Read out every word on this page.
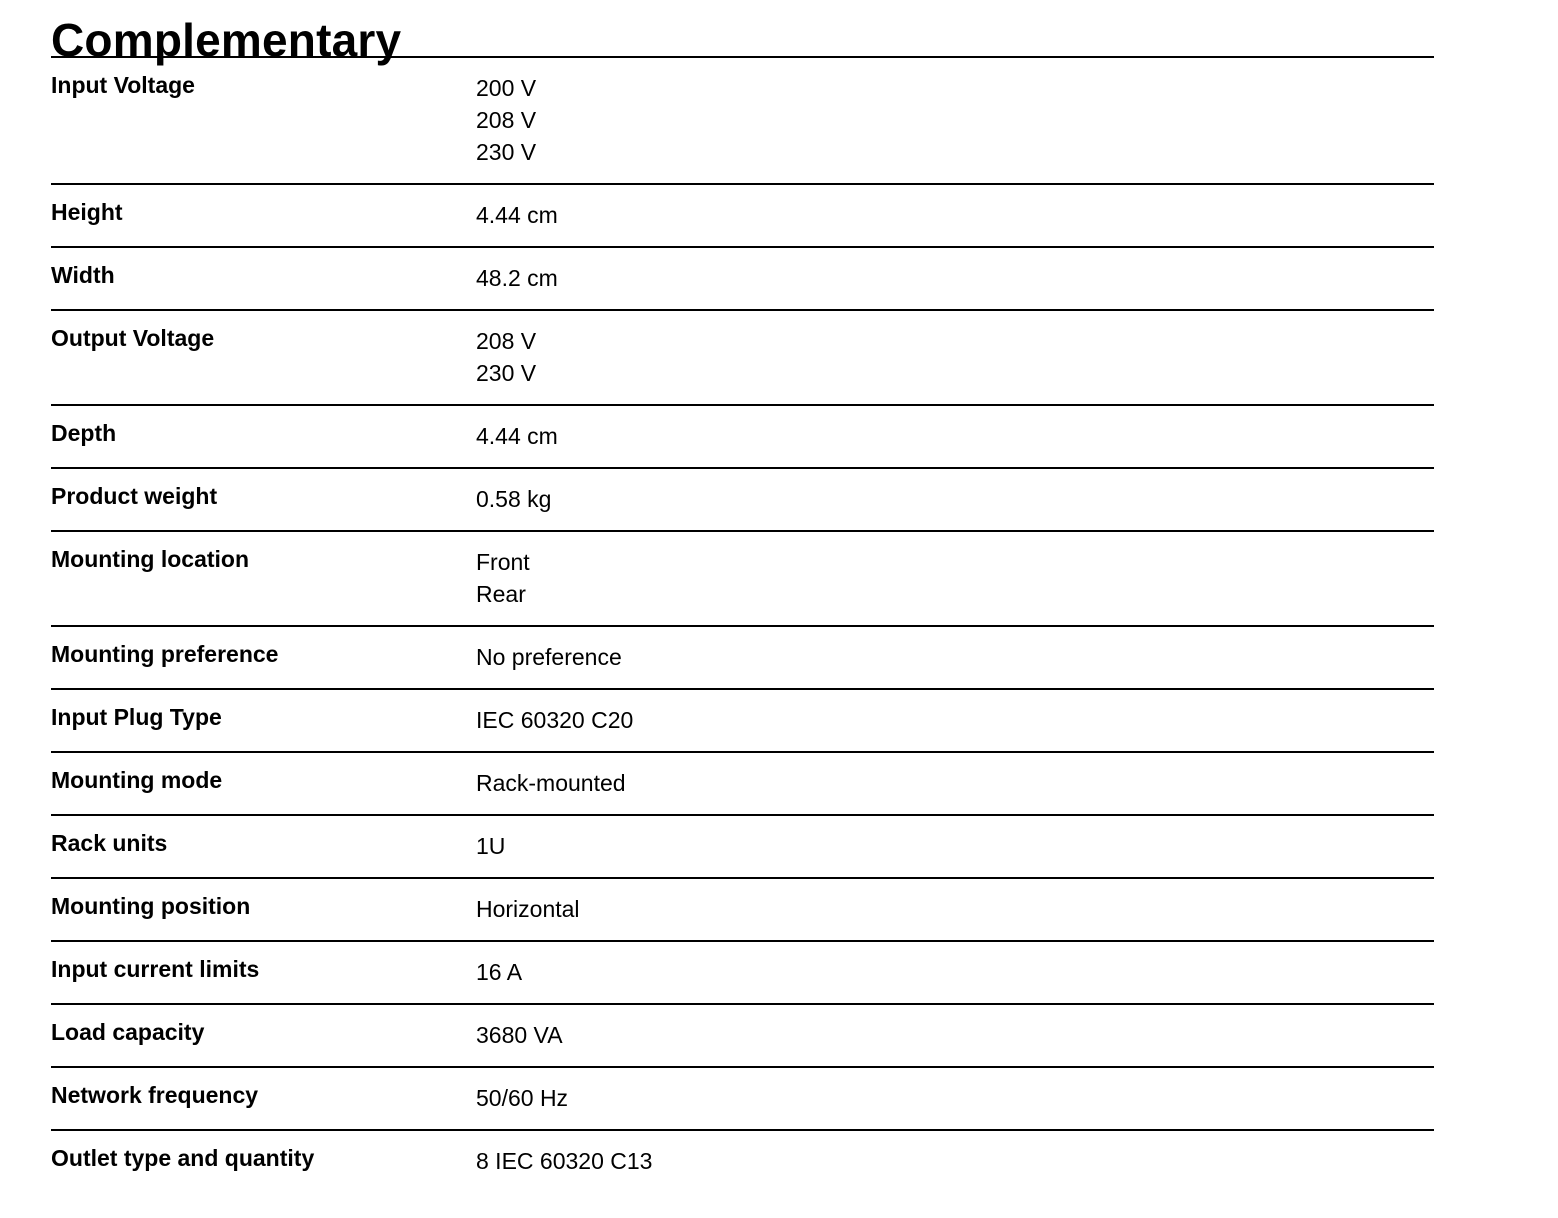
Complementary
Input Voltage	200 V
208 V
230 V

Height	4.44 cm

Width	48.2 cm

Output Voltage	208 V
230 V

Depth	4.44 cm

Product weight	0.58 kg

Mounting location	Front
Rear

Mounting preference	No preference

Input Plug Type	IEC 60320 C20

Mounting mode	Rack-mounted

Rack units	1U

Mounting position	Horizontal

Input current limits	16 A

Load capacity	3680 VA

Network frequency	50/60 Hz

Outlet type and quantity	8 IEC 60320 C13
